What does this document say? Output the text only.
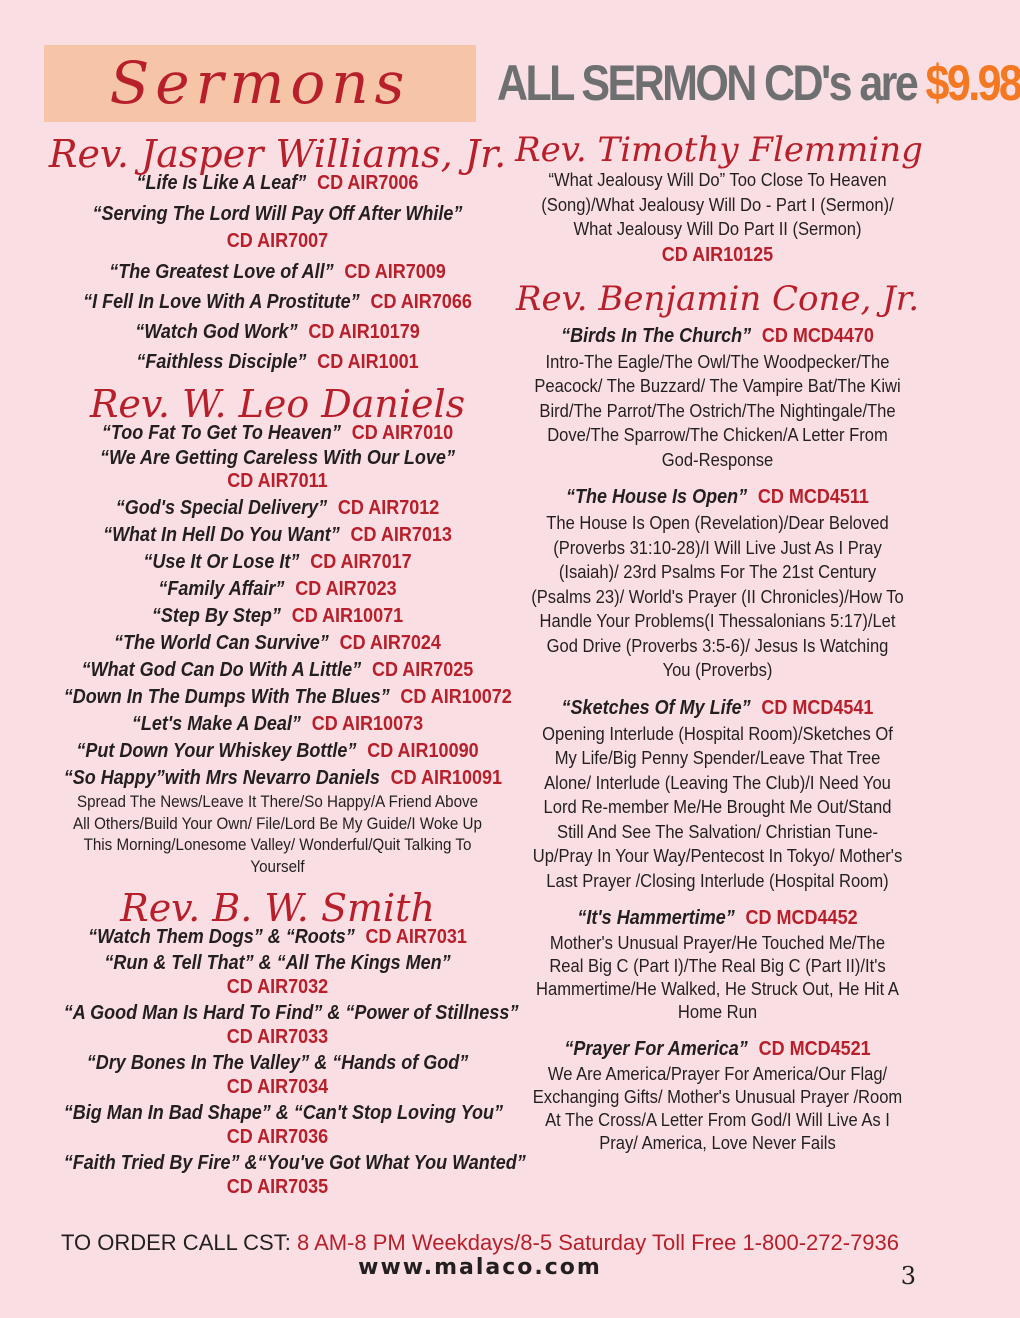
Sermons	ALL SERMON CD's are $9.98
Rev. Jasper Williams, Jr.
“Life Is Like A Leaf” CD AIR7006
“Serving The Lord Will Pay Off After While”
CD AIR7007
“The Greatest Love of All” CD AIR7009
“I Fell In Love With A Prostitute” CD AIR7066
“Watch God Work” CD AIR10179
“Faithless Disciple” CD AIR1001
Rev. W. Leo Daniels
“Too Fat To Get To Heaven” CD AIR7010
“We Are Getting Careless With Our Love”
CD AIR7011
“God's Special Delivery” CD AIR7012
“What In Hell Do You Want” CD AIR7013
“Use It Or Lose It” CD AIR7017
“Family Affair” CD AIR7023
“Step By Step” CD AIR10071
“The World Can Survive” CD AIR7024
“What God Can Do With A Little” CD AIR7025
“Down In The Dumps With The Blues” CD AIR10072
“Let's Make A Deal” CD AIR10073
“Put Down Your Whiskey Bottle” CD AIR10090
“So Happy”with Mrs Nevarro Daniels CD AIR10091
Spread The News/Leave It There/So Happy/A Friend Above All Others/Build Your Own/ File/Lord Be My Guide/I Woke Up This Morning/Lonesome Valley/ Wonderful/Quit Talking To Yourself
Rev. B. W. Smith
“Watch Them Dogs” & “Roots” CD AIR7031
“Run & Tell That” & “All The Kings Men”
CD AIR7032
“A Good Man Is Hard To Find” & “Power of Stillness”
CD AIR7033
“Dry Bones In The Valley” & “Hands of God”
CD AIR7034
“Big Man In Bad Shape” & “Can't Stop Loving You”
CD AIR7036
“Faith Tried By Fire” &“You've Got What You Wanted”
CD AIR7035
Rev. Timothy Flemming
“What Jealousy Will Do” Too Close To Heaven (Song)/What Jealousy Will Do - Part I (Sermon)/ What Jealousy Will Do Part II (Sermon)
CD AIR10125
Rev. Benjamin Cone, Jr.
“Birds In The Church” CD MCD4470
Intro-The Eagle/The Owl/The Woodpecker/The Peacock/ The Buzzard/ The Vampire Bat/The Kiwi Bird/The Parrot/The Ostrich/The Nightingale/The Dove/The Sparrow/The Chicken/A Letter From God-Response
“The House Is Open” CD MCD4511
The House Is Open (Revelation)/Dear Beloved (Proverbs 31:10-28)/I Will Live Just As I Pray (Isaiah)/ 23rd Psalms For The 21st Century (Psalms 23)/ World's Prayer (II Chronicles)/How To Handle Your Problems(I Thessalonians 5:17)/Let God Drive (Proverbs 3:5-6)/ Jesus Is Watching You (Proverbs)
“Sketches Of My Life” CD MCD4541
Opening Interlude (Hospital Room)/Sketches Of My Life/Big Penny Spender/Leave That Tree Alone/ Interlude (Leaving The Club)/I Need You Lord Re-member Me/He Brought Me Out/Stand Still And See The Salvation/ Christian Tune-Up/Pray In Your Way/Pentecost In Tokyo/ Mother's Last Prayer /Closing Interlude (Hospital Room)
“It's Hammertime” CD MCD4452
Mother's Unusual Prayer/He Touched Me/The Real Big C (Part I)/The Real Big C (Part II)/It's Hammertime/He Walked, He Struck Out, He Hit A Home Run
“Prayer For America” CD MCD4521
We Are America/Prayer For America/Our Flag/ Exchanging Gifts/ Mother's Unusual Prayer /Room At The Cross/A Letter From God/I Will Live As I Pray/ America, Love Never Fails
TO ORDER CALL CST: 8 AM-8 PM Weekdays/8-5 Saturday Toll Free 1-800-272-7936
www.malaco.com	3
